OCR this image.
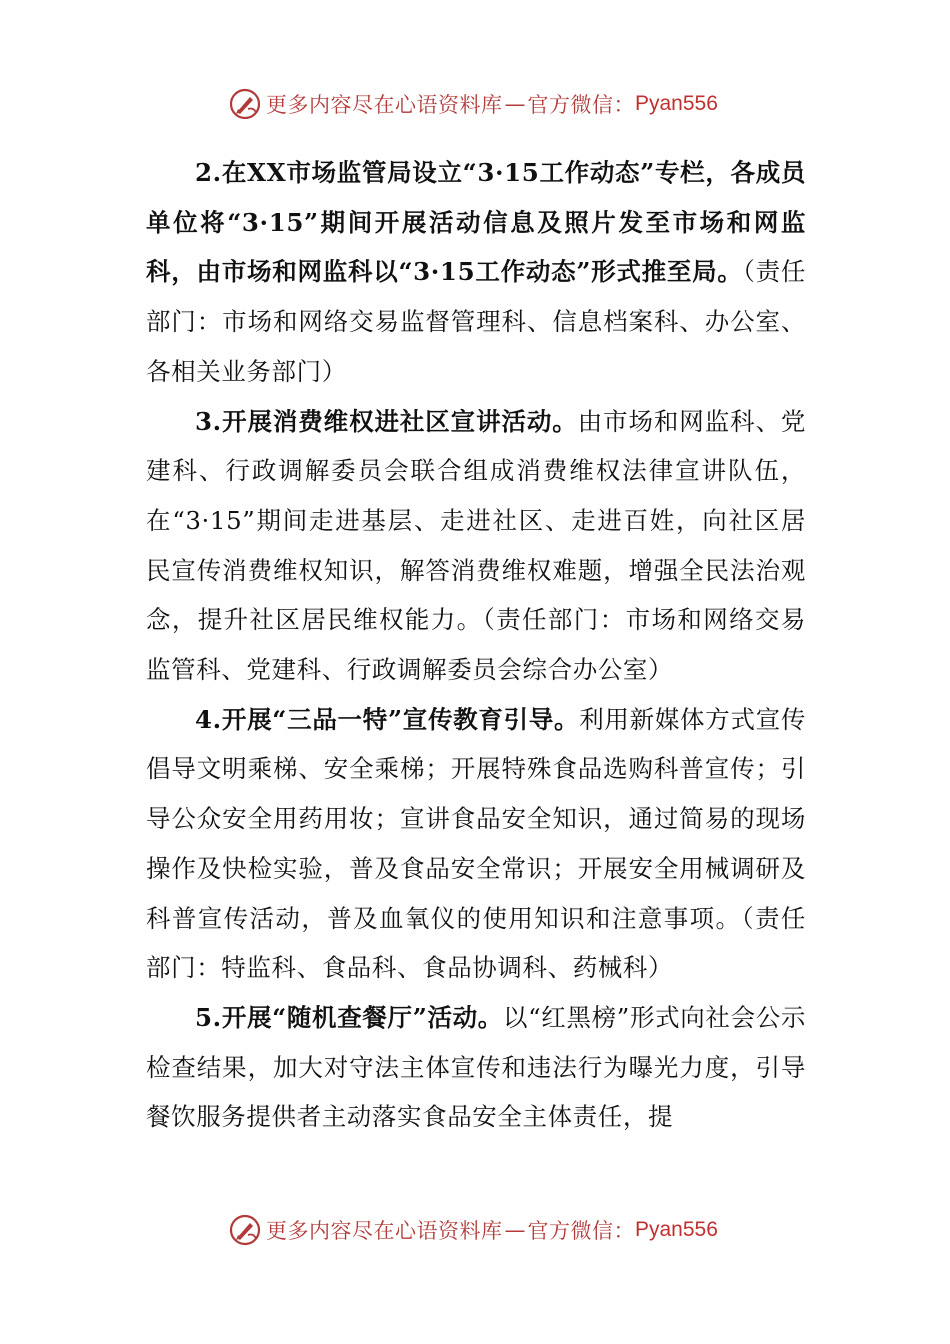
更多内容尽在心语资料库 — 官方微信： Pyan556

2.在XX市场监管局设立“3·15工作动态”专栏，各成员单位将“3·15”期间开展活动信息及照片发至市场和网监科，由市场和网监科以“3·15工作动态”形式推至局。（责任部门：市场和网络交易监督管理科、信息档案科、办公室、各相关业务部门）

3.开展消费维权进社区宣讲活动。由市场和网监科、党建科、行政调解委员会联合组成消费维权法律宣讲队伍，在“3·15”期间走进基层、走进社区、走进百姓，向社区居民宣传消费维权知识，解答消费维权难题，增强全民法治观念，提升社区居民维权能力。（责任部门：市场和网络交易监管科、党建科、行政调解委员会综合办公室）

4.开展“三品一特”宣传教育引导。利用新媒体方式宣传倡导文明乘梯、安全乘梯；开展特殊食品选购科普宣传；引导公众安全用药用妆；宣讲食品安全知识，通过简易的现场操作及快检实验，普及食品安全常识；开展安全用械调研及科普宣传活动，普及血氧仪的使用知识和注意事项。（责任部门：特监科、食品科、食品协调科、药械科）

5.开展“随机查餐厅”活动。以“红黑榜”形式向社会公示检查结果，加大对守法主体宣传和违法行为曝光力度，引导餐饮服务提供者主动落实食品安全主体责任，提

更多内容尽在心语资料库 — 官方微信： Pyan556
